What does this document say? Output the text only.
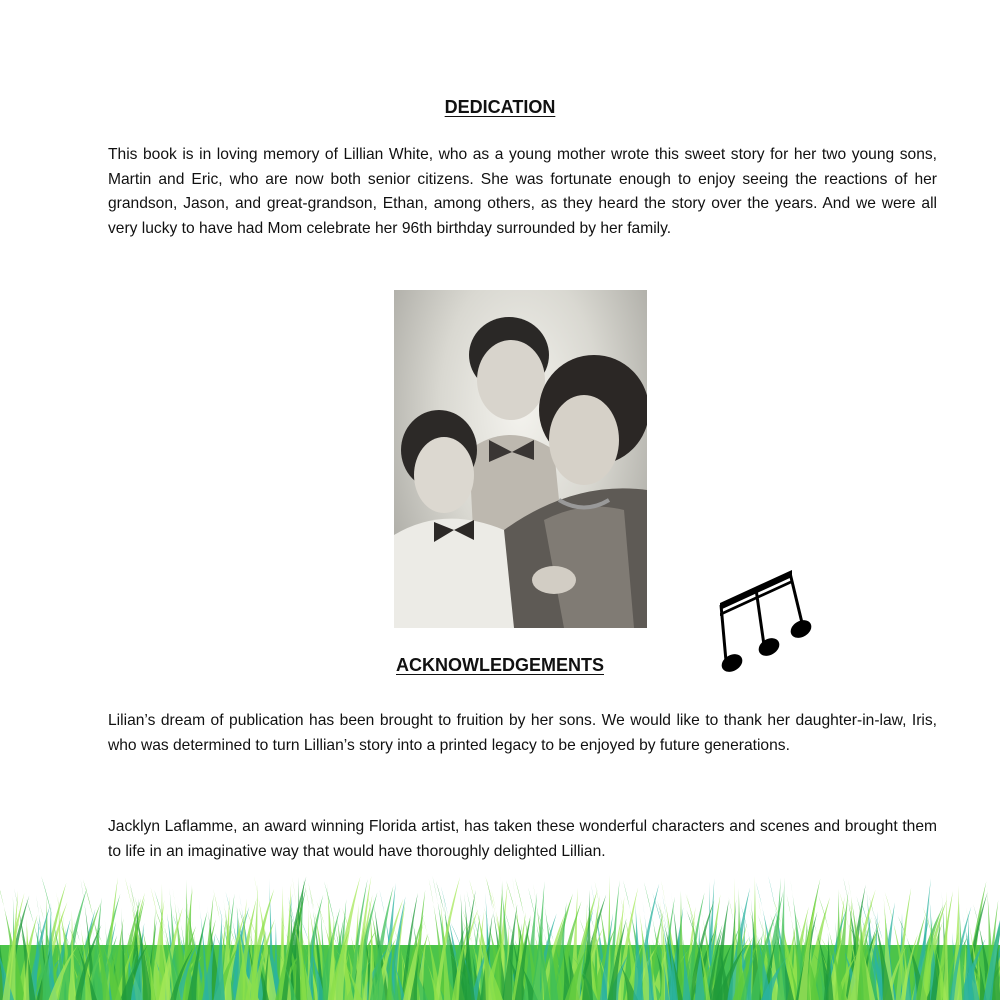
DEDICATION

This book is in loving memory of Lillian White, who as a young mother wrote this sweet story for her two young sons, Martin and Eric, who are now both senior citizens. She was fortunate enough to enjoy seeing the reactions of her grandson, Jason, and great-grandson, Ethan, among others, as they heard the story over the years. And we were all very lucky to have had Mom celebrate her 96th birthday surrounded by her family.

ACKNOWLEDGEMENTS

Lilian’s dream of publication has been brought to fruition by her sons. We would like to thank her daughter-in-law, Iris, who was determined to turn Lillian’s story into a printed legacy to be enjoyed by future generations.

Jacklyn Laflamme, an award winning Florida artist, has taken these wonderful characters and scenes and brought them to life in an imaginative way that would have thoroughly delighted Lillian.
